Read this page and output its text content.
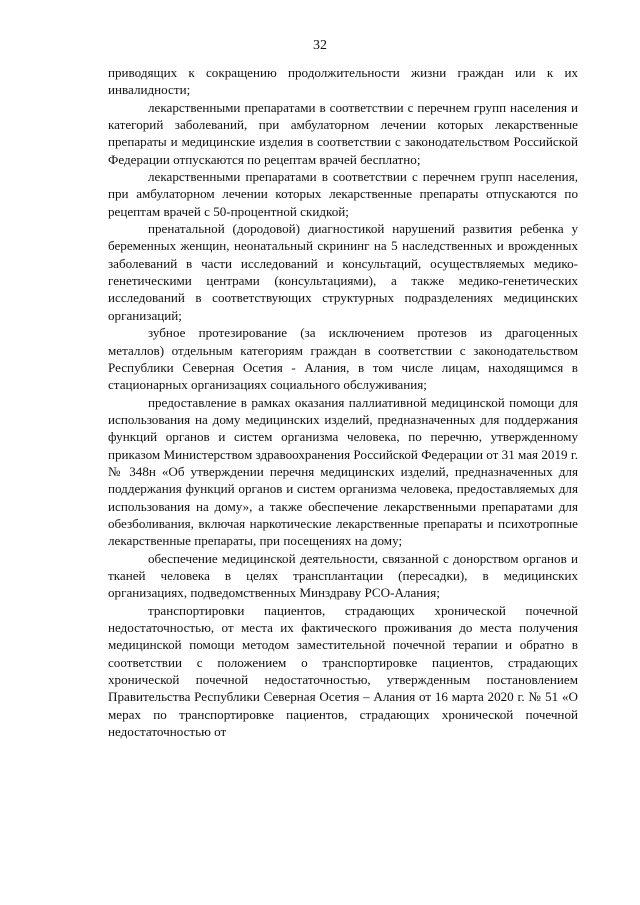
32

приводящих к сокращению продолжительности жизни граждан или к их инвалидности;

лекарственными препаратами в соответствии с перечнем групп населения и категорий заболеваний, при амбулаторном лечении которых лекарственные препараты и медицинские изделия в соответствии с законодательством Российской Федерации отпускаются по рецептам врачей бесплатно;

лекарственными препаратами в соответствии с перечнем групп населения, при амбулаторном лечении которых лекарственные препараты отпускаются по рецептам врачей с 50-процентной скидкой;

пренатальной (дородовой) диагностикой нарушений развития ребенка у беременных женщин, неонатальный скрининг на 5 наследственных и врожденных заболеваний в части исследований и консультаций, осуществляемых медико-генетическими центрами (консультациями), а также медико-генетических исследований в соответствующих структурных подразделениях медицинских организаций;

зубное протезирование (за исключением протезов из драгоценных металлов) отдельным категориям граждан в соответствии с законодательством Республики Северная Осетия - Алания, в том числе лицам, находящимся в стационарных организациях социального обслуживания;

предоставление в рамках оказания паллиативной медицинской помощи для использования на дому медицинских изделий, предназначенных для поддержания функций органов и систем организма человека, по перечню, утвержденному приказом Министерством здравоохранения Российской Федерации от 31 мая 2019 г. № 348н «Об утверждении перечня медицинских изделий, предназначенных для поддержания функций органов и систем организма человека, предоставляемых для использования на дому», а также обеспечение лекарственными препаратами для обезболивания, включая наркотические лекарственные препараты и психотропные лекарственные препараты, при посещениях на дому;

обеспечение медицинской деятельности, связанной с донорством органов и тканей человека в целях трансплантации (пересадки), в медицинских организациях, подведомственных Минздраву РСО-Алания;

транспортировки пациентов, страдающих хронической почечной недостаточностью, от места их фактического проживания до места получения медицинской помощи методом заместительной почечной терапии и обратно в соответствии с положением о транспортировке пациентов, страдающих хронической почечной недостаточностью, утвержденным постановлением Правительства Республики Северная Осетия – Алания от 16 марта 2020 г. № 51 «О мерах по транспортировке пациентов, страдающих хронической почечной недостаточностью от
